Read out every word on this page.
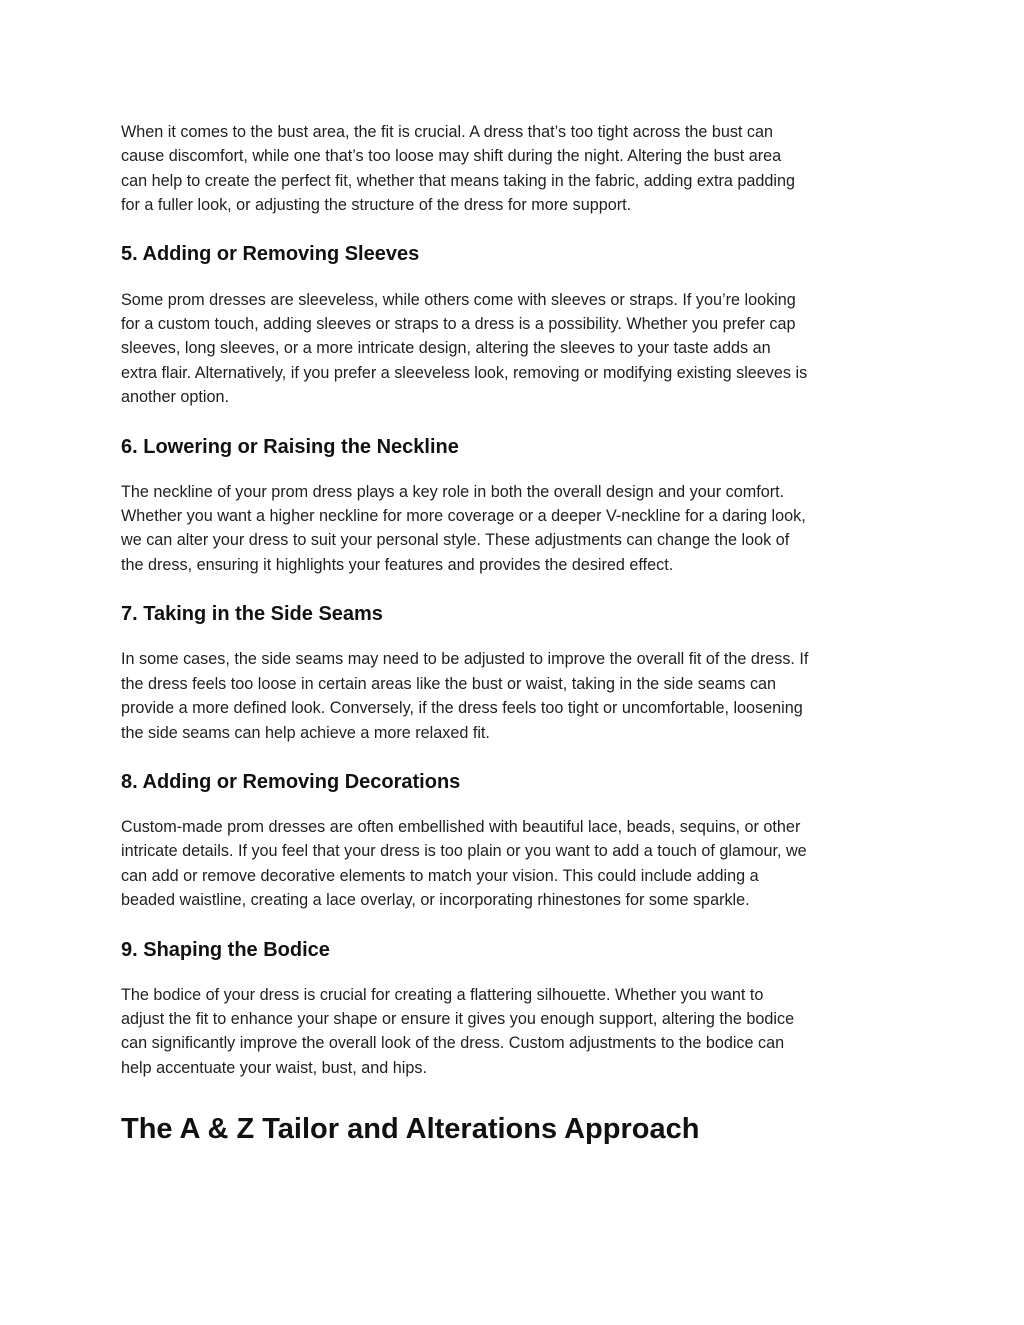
When it comes to the bust area, the fit is crucial. A dress that’s too tight across the bust can
cause discomfort, while one that’s too loose may shift during the night. Altering the bust area
can help to create the perfect fit, whether that means taking in the fabric, adding extra padding
for a fuller look, or adjusting the structure of the dress for more support.

5. Adding or Removing Sleeves

Some prom dresses are sleeveless, while others come with sleeves or straps. If you’re looking
for a custom touch, adding sleeves or straps to a dress is a possibility. Whether you prefer cap
sleeves, long sleeves, or a more intricate design, altering the sleeves to your taste adds an
extra flair. Alternatively, if you prefer a sleeveless look, removing or modifying existing sleeves is
another option.

6. Lowering or Raising the Neckline

The neckline of your prom dress plays a key role in both the overall design and your comfort.
Whether you want a higher neckline for more coverage or a deeper V-neckline for a daring look,
we can alter your dress to suit your personal style. These adjustments can change the look of
the dress, ensuring it highlights your features and provides the desired effect.

7. Taking in the Side Seams

In some cases, the side seams may need to be adjusted to improve the overall fit of the dress. If
the dress feels too loose in certain areas like the bust or waist, taking in the side seams can
provide a more defined look. Conversely, if the dress feels too tight or uncomfortable, loosening
the side seams can help achieve a more relaxed fit.

8. Adding or Removing Decorations

Custom-made prom dresses are often embellished with beautiful lace, beads, sequins, or other
intricate details. If you feel that your dress is too plain or you want to add a touch of glamour, we
can add or remove decorative elements to match your vision. This could include adding a
beaded waistline, creating a lace overlay, or incorporating rhinestones for some sparkle.

9. Shaping the Bodice

The bodice of your dress is crucial for creating a flattering silhouette. Whether you want to
adjust the fit to enhance your shape or ensure it gives you enough support, altering the bodice
can significantly improve the overall look of the dress. Custom adjustments to the bodice can
help accentuate your waist, bust, and hips.

The A & Z Tailor and Alterations Approach
